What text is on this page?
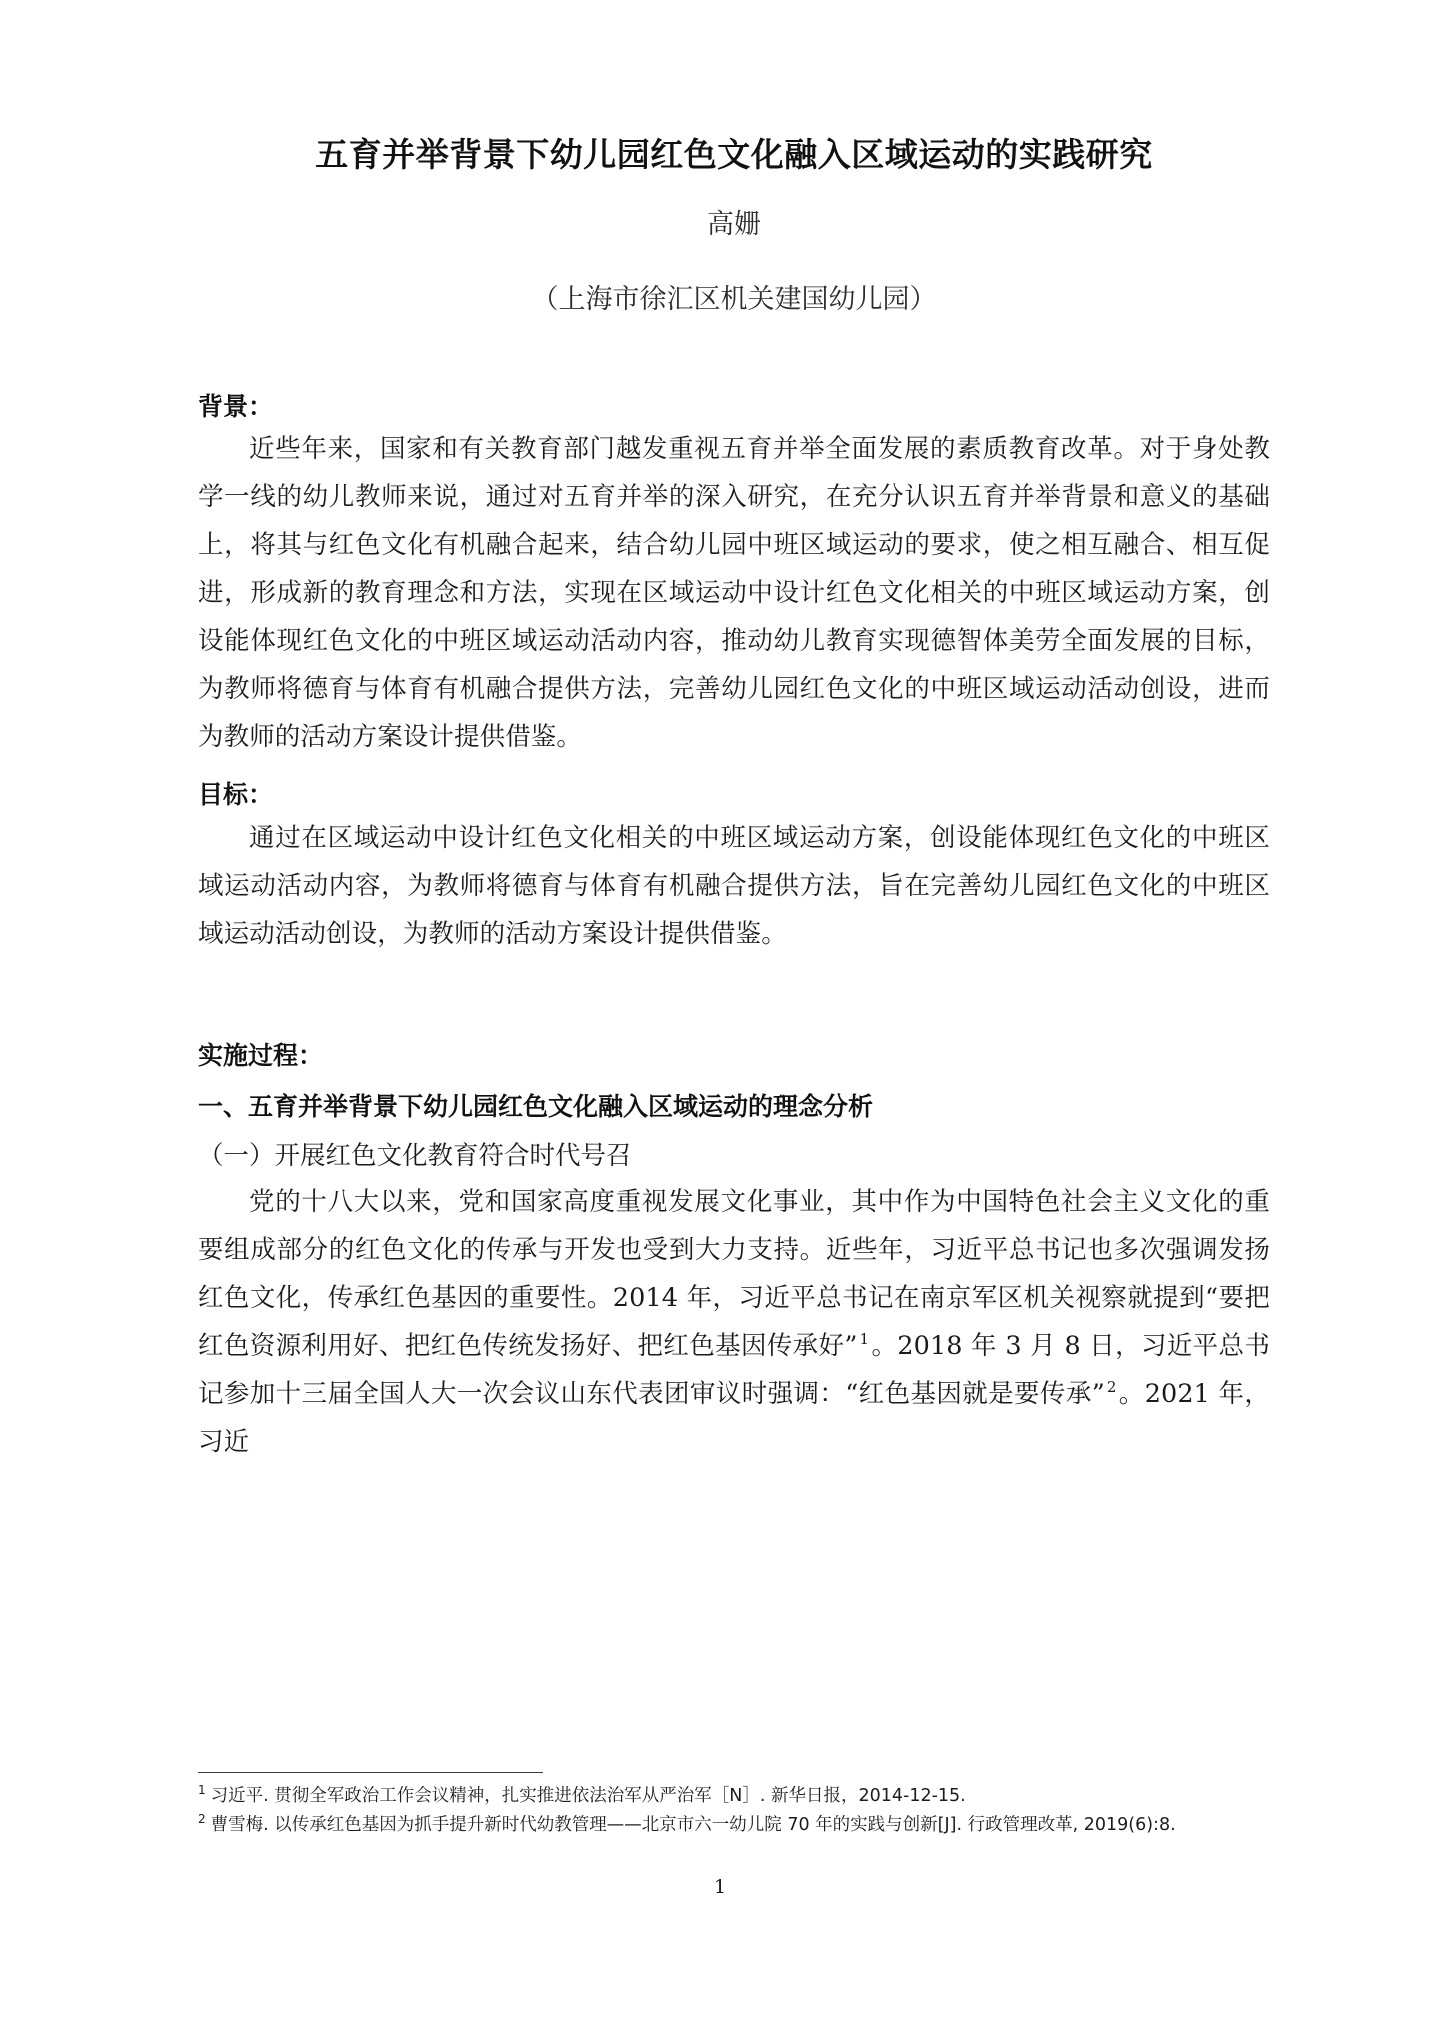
五育并举背景下幼儿园红色文化融入区域运动的实践研究

高姗

（上海市徐汇区机关建国幼儿园）

背景：

近些年来，国家和有关教育部门越发重视五育并举全面发展的素质教育改革。对于身处教学一线的幼儿教师来说，通过对五育并举的深入研究，在充分认识五育并举背景和意义的基础上，将其与红色文化有机融合起来，结合幼儿园中班区域运动的要求，使之相互融合、相互促进，形成新的教育理念和方法，实现在区域运动中设计红色文化相关的中班区域运动方案，创设能体现红色文化的中班区域运动活动内容，推动幼儿教育实现德智体美劳全面发展的目标，为教师将德育与体育有机融合提供方法，完善幼儿园红色文化的中班区域运动活动创设，进而为教师的活动方案设计提供借鉴。

目标：

通过在区域运动中设计红色文化相关的中班区域运动方案，创设能体现红色文化的中班区域运动活动内容，为教师将德育与体育有机融合提供方法，旨在完善幼儿园红色文化的中班区域运动活动创设，为教师的活动方案设计提供借鉴。

实施过程：

一、五育并举背景下幼儿园红色文化融入区域运动的理念分析
（一）开展红色文化教育符合时代号召

党的十八大以来，党和国家高度重视发展文化事业，其中作为中国特色社会主义文化的重要组成部分的红色文化的传承与开发也受到大力支持。近些年，习近平总书记也多次强调发扬红色文化，传承红色基因的重要性。2014 年，习近平总书记在南京军区机关视察就提到“要把红色资源利用好、把红色传统发扬好、把红色基因传承好” $^1$。2018 年 3 月 8 日，习近平总书记参加十三届全国人大一次会议山东代表团审议时强调：“红色基因就是要传承” $^2$。2021 年，习近

$^1$ 习近平. 贯彻全军政治工作会议精神，扎实推进依法治军从严治军［N］. 新华日报，2014-12-15.

$^2$ 曹雪梅. 以传承红色基因为抓手提升新时代幼教管理——北京市六一幼儿院 70 年的实践与创新[J]. 行政管理改革, 2019(6):8.

1
